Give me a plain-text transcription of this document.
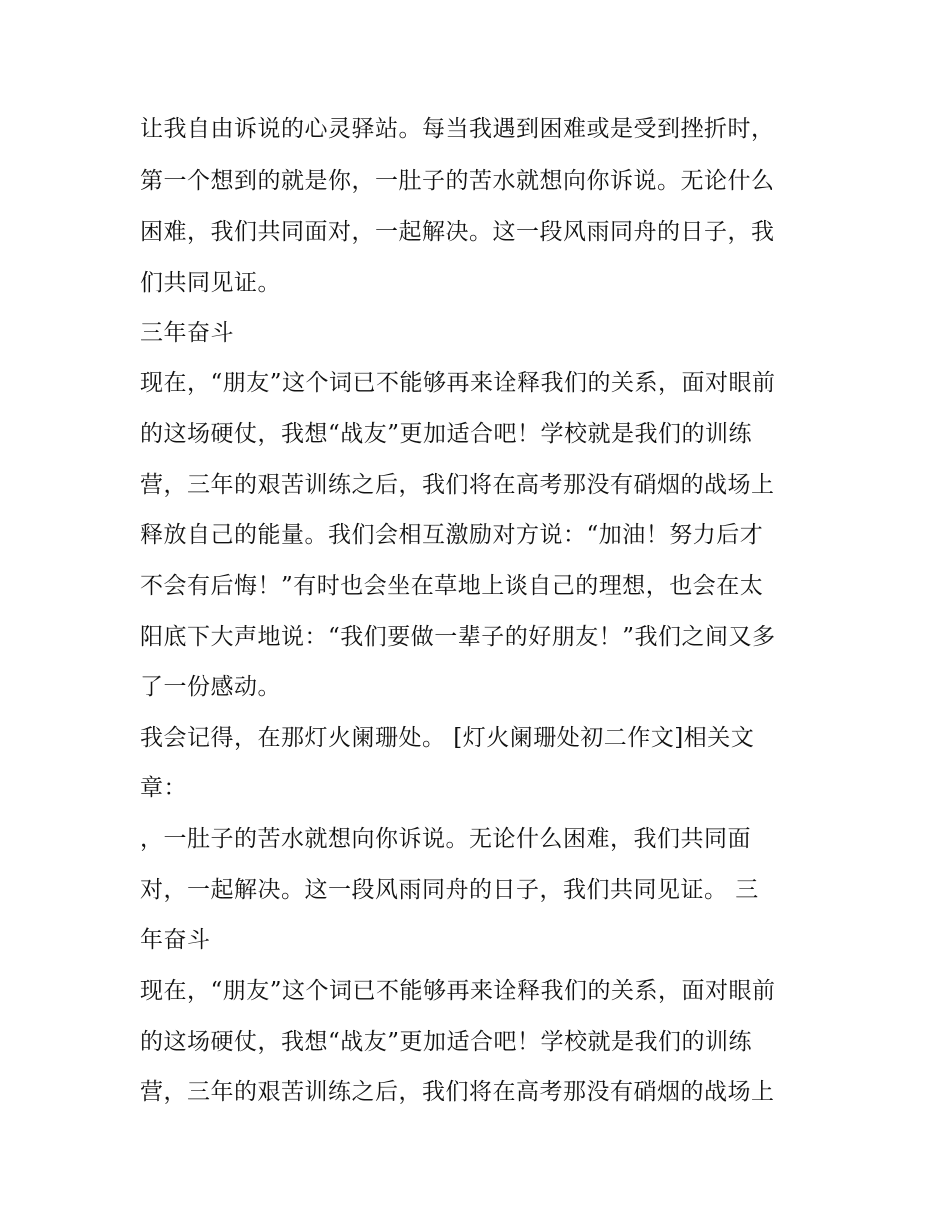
让我自由诉说的心灵驿站。每当我遇到困难或是受到挫折时，
第一个想到的就是你，一肚子的苦水就想向你诉说。无论什么
困难，我们共同面对，一起解决。这一段风雨同舟的日子，我
们共同见证。
三年奋斗
现在，“朋友”这个词已不能够再来诠释我们的关系，面对眼前
的这场硬仗，我想“战友”更加适合吧！学校就是我们的训练
营，三年的艰苦训练之后，我们将在高考那没有硝烟的战场上
释放自己的能量。我们会相互激励对方说：“加油！努力后才
不会有后悔！”有时也会坐在草地上谈自己的理想，也会在太
阳底下大声地说：“我们要做一辈子的好朋友！”我们之间又多
了一份感动。
我会记得，在那灯火阑珊处。 [灯火阑珊处初二作文]相关文
章：
，一肚子的苦水就想向你诉说。无论什么困难，我们共同面
对，一起解决。这一段风雨同舟的日子，我们共同见证。 三
年奋斗
现在，“朋友”这个词已不能够再来诠释我们的关系，面对眼前
的这场硬仗，我想“战友”更加适合吧！学校就是我们的训练
营，三年的艰苦训练之后，我们将在高考那没有硝烟的战场上
